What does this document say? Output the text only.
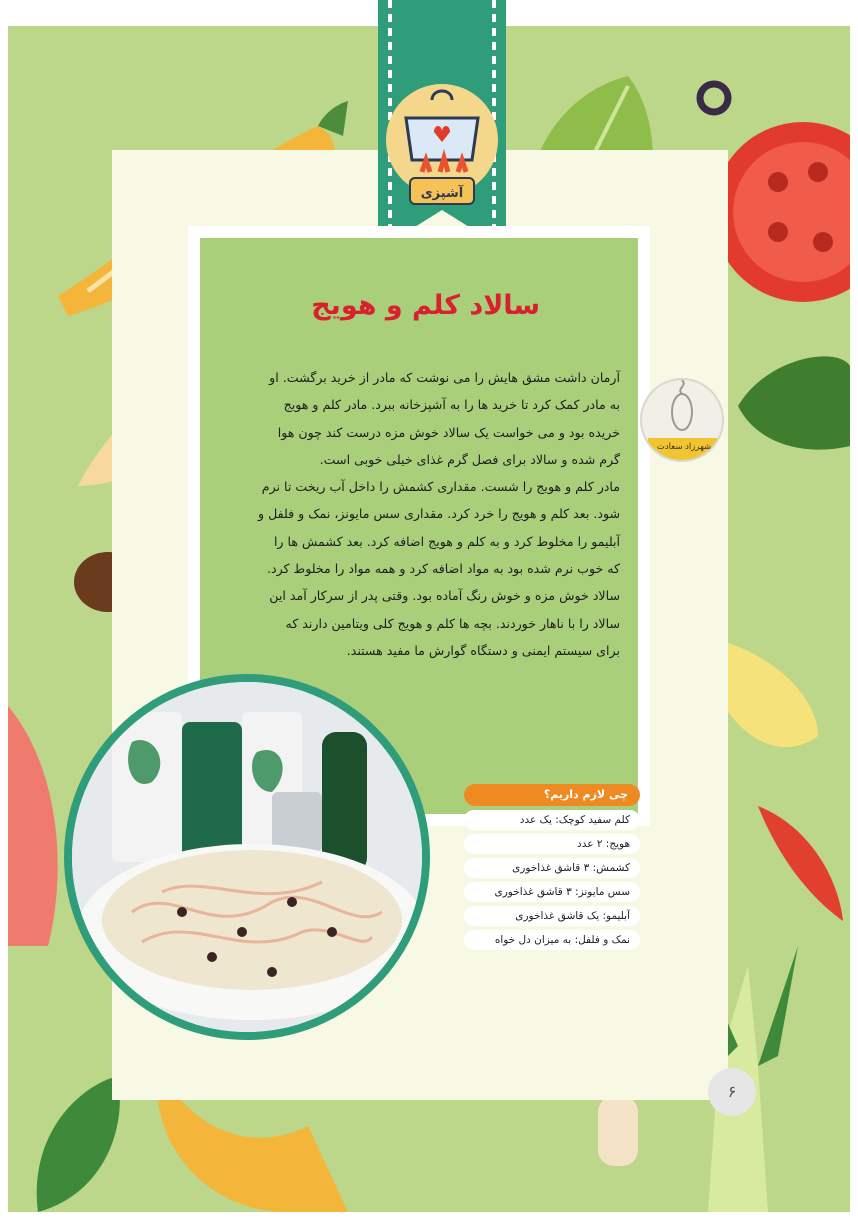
آشپزی
سالاد کلم و هویج

آرمان داشت مشق هایش را می نوشت که مادر از خرید برگشت. او به مادر کمک کرد تا خرید ها را به آشپزخانه ببرد. مادر کلم و هویج خریده بود و می خواست یک سالاد خوش مزه درست کند چون هوا گرم شده و سالاد برای فصل گرم غذای خیلی خوبی است.

مادر کلم و هویج را شست. مقداری کشمش را داخل آب ریخت تا نرم شود. بعد کلم و هویج را خرد کرد. مقداری سس مایونز، نمک و فلفل و آبلیمو را مخلوط کرد و به کلم و هویج اضافه کرد. بعد کشمش ها را که خوب نرم شده بود به مواد اضافه کرد و همه مواد را مخلوط کرد.

سالاد خوش مزه و خوش رنگ آماده بود. وقتی پدر از سرکار آمد این سالاد را با ناهار خوردند. بچه ها کلم و هویج کلی ویتامین دارند که برای سیستم ایمنی و دستگاه گوارش ما مفید هستند.

شهرزاد سعادت
چی لازم داریم؟
کلم سفید کوچک: یک عدد
هویج: ۲ عدد
کشمش: ۳ قاشق غذاخوری
سس مایونز: ۳ قاشق غذاخوری
آبلیمو: یک قاشق غذاخوری
نمک و فلفل: به میزان دل خواه
۶
